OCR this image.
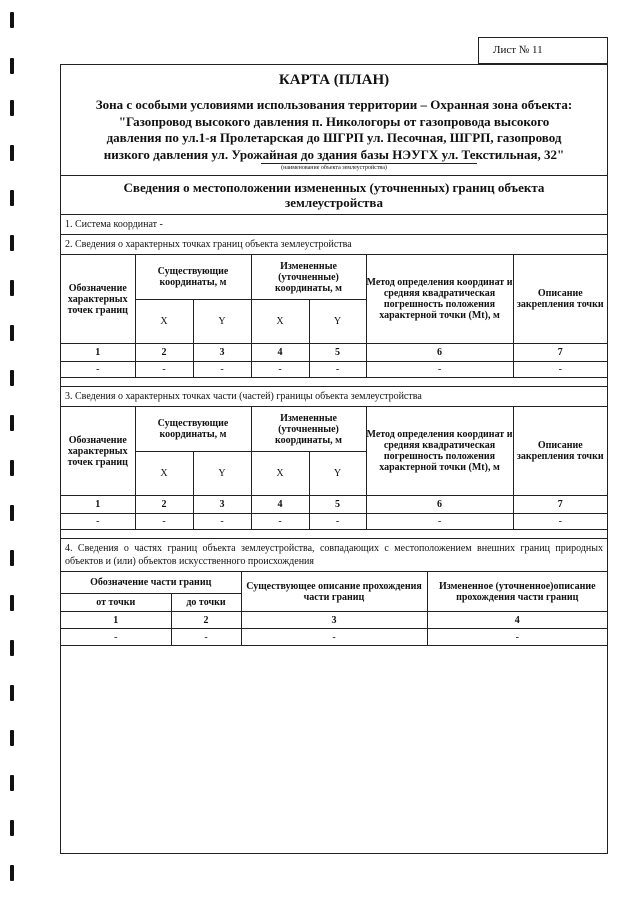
Лист № 11
КАРТА (ПЛАН)
Зона с особыми условиями использования территории – Охранная зона объекта:
"Газопровод высокого давления п. Никологоры от газопровода высокого
давления по ул.1-я Пролетарская до ШГРП ул. Песочная, ШГРП, газопровод
низкого давления ул. Урожайная до здания базы НЭУГХ ул. Текстильная, 32"
(наименование объекта землеустройства)
Сведения о местоположении измененных (уточненных) границ объекта землеустройства
1. Система координат -
2. Сведения о характерных точках границ объекта землеустройства
Обозначение характерных точек границ	Существующие координаты, м		Измененные (уточненные) координаты, м		Метод определения координат и средняя квадратическая погрешность положения характерной точки (Mt), м	Описание закрепления точки
	X	Y	X	Y		
1	2	3	4	5	6	7
-	-	-	-	-	-	-
3. Сведения о характерных точках части (частей) границы объекта землеустройства
Обозначение характерных точек границ	Существующие координаты, м		Измененные (уточненные) координаты, м		Метод определения координат и средняя квадратическая погрешность положения характерной точки (Mt), м	Описание закрепления точки
	X	Y	X	Y		
1	2	3	4	5	6	7
-	-	-	-	-	-	-
4. Сведения о частях границ объекта землеустройства, совпадающих с местоположением внешних границ природных объектов и (или) объектов искусственного происхождения
Обозначение части границ		Существующее описание прохождения части границ	Измененное (уточненное)описание прохождения части границ
от точки	до точки		
1	2	3	4
-	-	-	-
